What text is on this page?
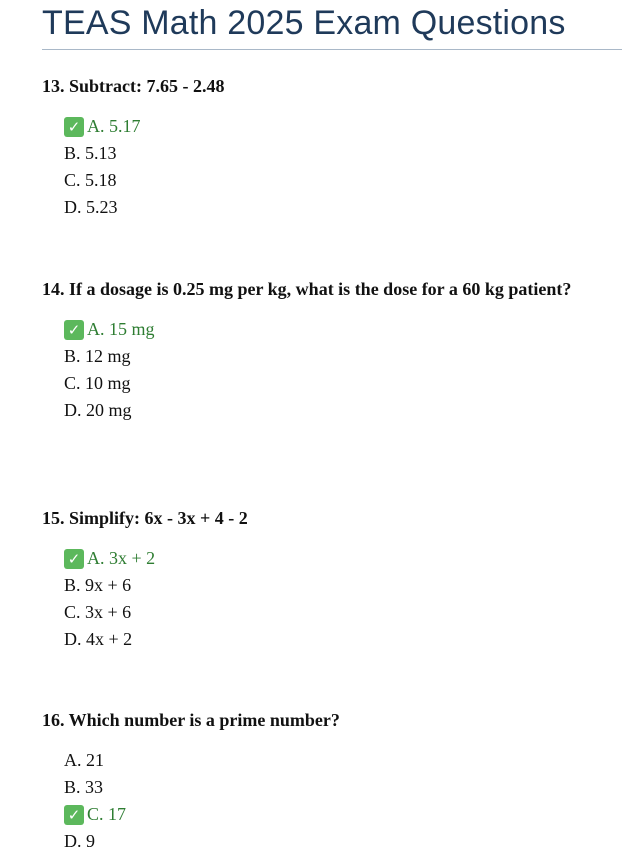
TEAS Math 2025 Exam Questions

13. Subtract: 7.65 - 2.48

✓ A. 5.17
B. 5.13
C. 5.18
D. 5.23

14. If a dosage is 0.25 mg per kg, what is the dose for a 60 kg patient?

✓ A. 15 mg
B. 12 mg
C. 10 mg
D. 20 mg

15. Simplify: 6x - 3x + 4 - 2

✓ A. 3x + 2
B. 9x + 6
C. 3x + 6
D. 4x + 2

16. Which number is a prime number?

A. 21
B. 33
✓ C. 17
D. 9
